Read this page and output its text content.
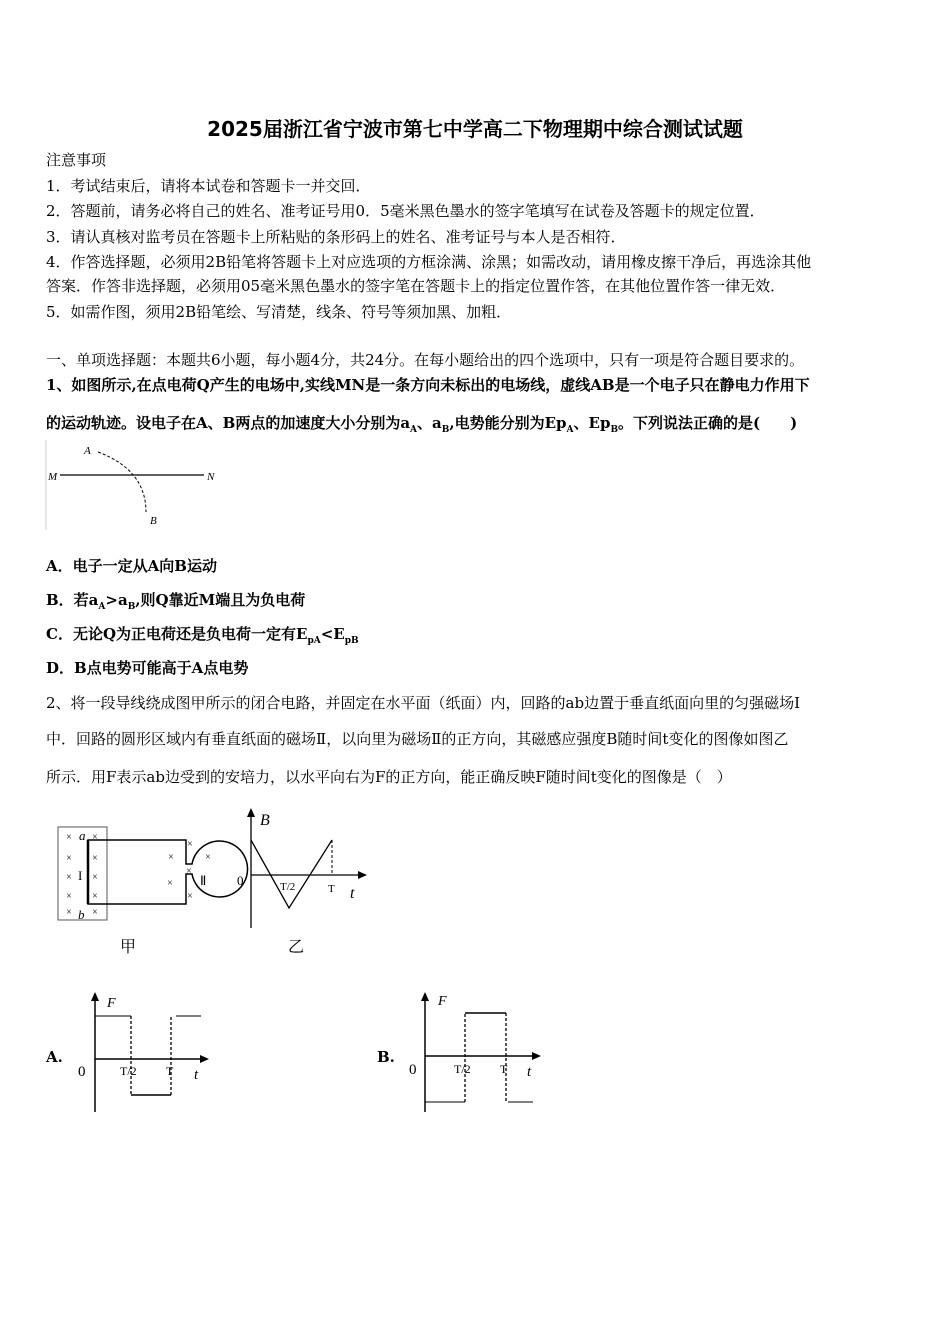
2025届浙江省宁波市第七中学高二下物理期中综合测试试题
注意事项
1．考试结束后，请将本试卷和答题卡一并交回．
2．答题前，请务必将自己的姓名、准考证号用0．5毫米黑色墨水的签字笔填写在试卷及答题卡的规定位置．
3．请认真核对监考员在答题卡上所粘贴的条形码上的姓名、准考证号与本人是否相符．
4．作答选择题，必须用2B铅笔将答题卡上对应选项的方框涂满、涂黑；如需改动，请用橡皮擦干净后，再选涂其他
答案．作答非选择题，必须用05毫米黑色墨水的签字笔在答题卡上的指定位置作答，在其他位置作答一律无效．
5．如需作图，须用2B铅笔绘、写清楚，线条、符号等须加黑、加粗．
一、单项选择题：本题共6小题，每小题4分，共24分。在每小题给出的四个选项中，只有一项是符合题目要求的。
1、如图所示,在点电荷Q产生的电场中,实线MN是一条方向未标出的电场线，虚线AB是一个电子只在静电力作用下
的运动轨迹。设电子在A、B两点的加速度大小分别为$a_A$、$a_B$,电势能分别为$Ep_A$、$Ep_B$。下列说法正确的是(　　)
M	N
A
B
A．电子一定从A向B运动
B．若$a_A>a_B$,则Q靠近M端且为负电荷
C．无论Q为正电荷还是负电荷一定有$E_{pA}<E_{pB}$
D．B点电势可能高于A点电势
2、将一段导线绕成图甲所示的闭合电路，并固定在水平面（纸面）内，回路的ab边置于垂直纸面向里的匀强磁场Ⅰ
中．回路的圆形区域内有垂直纸面的磁场Ⅱ，以向里为磁场Ⅱ的正方向，其磁感应强度B随时间t变化的图像如图乙
所示．用F表示ab边受到的安培力，以水平向右为F的正方向，能正确反映F随时间t变化的图像是（　）
×
×
×
×
×
×
×
×
×
×
×
×	×
×
×
×
a
b
I	Ⅱ
甲
B
0	T/2	T t
乙
A.
F
0	T/2 T t
B.
F
0	T/2 T t
